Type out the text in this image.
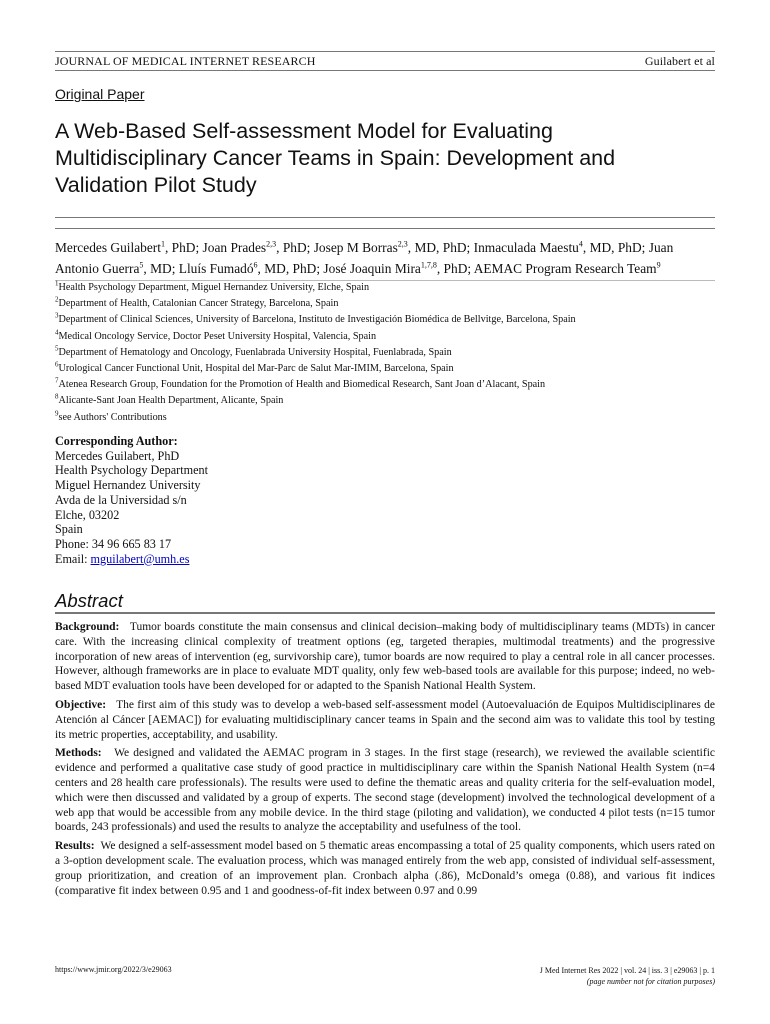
JOURNAL OF MEDICAL INTERNET RESEARCH	Guilabert et al
Original Paper
A Web-Based Self-assessment Model for Evaluating Multidisciplinary Cancer Teams in Spain: Development and Validation Pilot Study
Mercedes Guilabert$^1$, PhD; Joan Prades$^{2,3}$, PhD; Josep M Borras$^{2,3}$, MD, PhD; Inmaculada Maestu$^4$, MD, PhD; Juan Antonio Guerra$^5$, MD; Lluís Fumadó$^6$, MD, PhD; José Joaquin Mira$^{1,7,8}$, PhD; AEMAC Program Research Team$^9$
$^1$Health Psychology Department, Miguel Hernandez University, Elche, Spain
$^2$Department of Health, Catalonian Cancer Strategy, Barcelona, Spain
$^3$Department of Clinical Sciences, University of Barcelona, Instituto de Investigación Biomédica de Bellvitge, Barcelona, Spain
$^4$Medical Oncology Service, Doctor Peset University Hospital, Valencia, Spain
$^5$Department of Hematology and Oncology, Fuenlabrada University Hospital, Fuenlabrada, Spain
$^6$Urological Cancer Functional Unit, Hospital del Mar-Parc de Salut Mar-IMIM, Barcelona, Spain
$^7$Atenea Research Group, Foundation for the Promotion of Health and Biomedical Research, Sant Joan d’Alacant, Spain
$^8$Alicante-Sant Joan Health Department, Alicante, Spain
$^9$see Authors' Contributions
Corresponding Author:
Mercedes Guilabert, PhD
Health Psychology Department
Miguel Hernandez University
Avda de la Universidad s/n
Elche, 03202
Spain
Phone: 34 96 665 83 17
Email: mguilabert@umh.es
Abstract

Background: Tumor boards constitute the main consensus and clinical decision–making body of multidisciplinary teams (MDTs) in cancer care. With the increasing clinical complexity of treatment options (eg, targeted therapies, multimodal treatments) and the progressive incorporation of new areas of intervention (eg, survivorship care), tumor boards are now required to play a central role in all cancer processes. However, although frameworks are in place to evaluate MDT quality, only few web-based tools are available for this purpose; indeed, no web-based MDT evaluation tools have been developed for or adapted to the Spanish National Health System.

Objective: The first aim of this study was to develop a web-based self-assessment model (Autoevaluación de Equipos Multidisciplinares de Atención al Cáncer [AEMAC]) for evaluating multidisciplinary cancer teams in Spain and the second aim was to validate this tool by testing its metric properties, acceptability, and usability.

Methods: We designed and validated the AEMAC program in 3 stages. In the first stage (research), we reviewed the available scientific evidence and performed a qualitative case study of good practice in multidisciplinary care within the Spanish National Health System (n=4 centers and 28 health care professionals). The results were used to define the thematic areas and quality criteria for the self-evaluation model, which were then discussed and validated by a group of experts. The second stage (development) involved the technological development of a web app that would be accessible from any mobile device. In the third stage (piloting and validation), we conducted 4 pilot tests (n=15 tumor boards, 243 professionals) and used the results to analyze the acceptability and usefulness of the tool.

Results: We designed a self-assessment model based on 5 thematic areas encompassing a total of 25 quality components, which users rated on a 3-option development scale. The evaluation process, which was managed entirely from the web app, consisted of individual self-assessment, group prioritization, and creation of an improvement plan. Cronbach alpha (.86), McDonald’s omega (0.88), and various fit indices (comparative fit index between 0.95 and 1 and goodness-of-fit index between 0.97 and 0.99

https://www.jmir.org/2022/3/e29063	J Med Internet Res 2022 | vol. 24 | iss. 3 | e29063 | p. 1
(page number not for citation purposes)
